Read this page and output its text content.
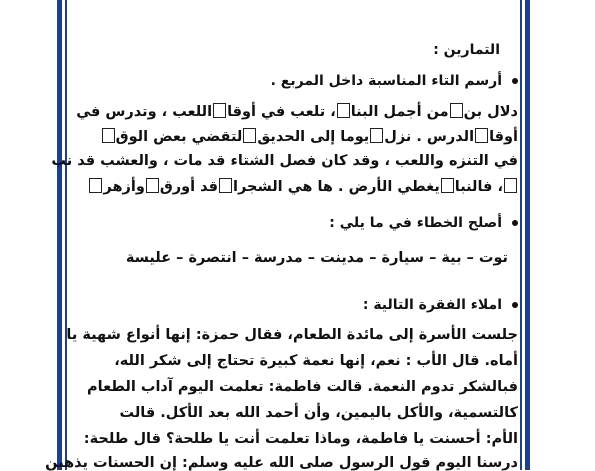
التمارين :
أرسم التاء المناسبة داخل المربع .
دلال بنمن أجمل البنا، تلعب في أوقااللعب ، وتدرس في
أوقاالدرس . نزليوما إلى الحديقلتقضي بعض الوق
في التنزه واللعب ، وقد كان فصل الشتاء قد مات ، والعشب قد نب
، فالنبايغطي الأرض . ها هي الشجراقد أورقوأزهر
أصلح الخطاء في ما يلي :
توت – بية – سيارة – مدينت – مدرسة – انتصرة – عليسة
املاء الفقرة التالية :
جلست الأسرة إلى مائدة الطعام، فقال حمزة: إنها أنواع شهية يا
أماه. قال الأب : نعم، إنها نعمة كبيرة تحتاج إلى شكر الله،
فبالشكر تدوم النعمة. قالت فاطمة: تعلمت اليوم آداب الطعام
كالتسمية، والأكل باليمين، وأن أحمد الله بعد الأكل. قالت
الأم: أحسنت يا فاطمة، وماذا تعلمت أنت يا طلحة؟ قال طلحة:
درسنا اليوم قول الرسول صلى الله عليه وسلم: إن الحسنات يذهبن
